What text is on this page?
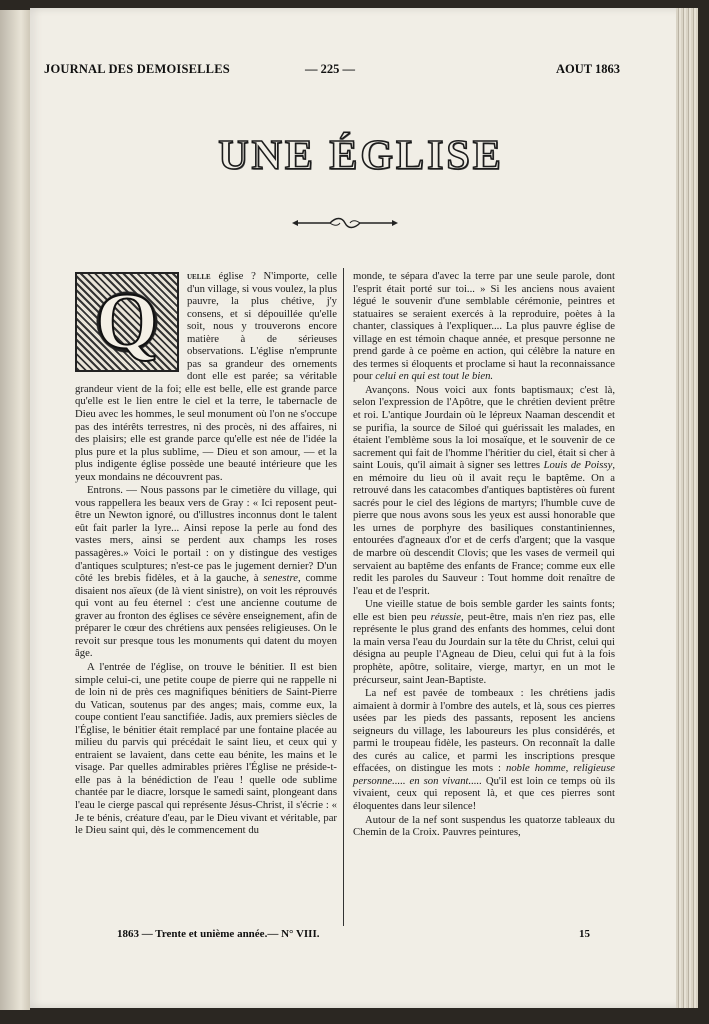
JOURNAL DES DEMOISELLES	— 225 —	AOUT 1863
UNE ÉGLISE

Q
uelle église ? N'importe, celle d'un village, si vous voulez, la plus pauvre, la plus chétive, j'y consens, et si dépouillée qu'elle soit, nous y trouverons encore matière à de sérieuses observations. L'église n'emprunte pas sa grandeur des ornements dont elle est parée; sa véritable grandeur vient de la foi; elle est belle, elle est grande parce qu'elle est le lien entre le ciel et la terre, le tabernacle de Dieu avec les hommes, le seul monument où l'on ne s'occupe pas des intérêts terrestres, ni des procès, ni des affaires, ni des plaisirs; elle est grande parce qu'elle est née de l'idée la plus pure et la plus sublime, — Dieu et son amour, — et la plus indigente église possède une beauté intérieure que les yeux mondains ne découvrent pas.

Entrons. — Nous passons par le cimetière du village, qui vous rappellera les beaux vers de Gray : « Ici reposent peut-être un Newton ignoré, ou d'illustres inconnus dont le talent eût fait parler la lyre... Ainsi repose la perle au fond des vastes mers, ainsi se perdent aux champs les roses passagères.» Voici le portail : on y distingue des vestiges d'antiques sculptures; n'est-ce pas le jugement dernier? D'un côté les brebis fidèles, et à la gauche, à senestre, comme disaient nos aïeux (de là vient sinistre), on voit les réprouvés qui vont au feu éternel : c'est une ancienne coutume de graver au fronton des églises ce sévère enseignement, afin de préparer le cœur des chrétiens aux pensées religieuses. On le revoit sur presque tous les monuments qui datent du moyen âge.

A l'entrée de l'église, on trouve le bénitier. Il est bien simple celui-ci, une petite coupe de pierre qui ne rappelle ni de loin ni de près ces magnifiques bénitiers de Saint-Pierre du Vatican, soutenus par des anges; mais, comme eux, la coupe contient l'eau sanctifiée. Jadis, aux premiers siècles de l'Église, le bénitier était remplacé par une fontaine placée au milieu du parvis qui précédait le saint lieu, et ceux qui y entraient se lavaient, dans cette eau bénite, les mains et le visage. Par quelles admirables prières l'Église ne préside-t-elle pas à la bénédiction de l'eau ! quelle ode sublime chantée par le diacre, lorsque le samedi saint, plongeant dans l'eau le cierge pascal qui représente Jésus-Christ, il s'écrie : « Je te bénis, créature d'eau, par le Dieu vivant et véritable, par le Dieu saint qui, dès le commencement du

monde, te sépara d'avec la terre par une seule parole, dont l'esprit était porté sur toi... » Si les anciens nous avaient légué le souvenir d'une semblable cérémonie, peintres et statuaires se seraient exercés à la reproduire, poètes à la chanter, classiques à l'expliquer.... La plus pauvre église de village en est témoin chaque année, et presque personne ne prend garde à ce poème en action, qui célèbre la nature en des termes si éloquents et proclame si haut la reconnaissance pour celui en qui est tout le bien.

Avançons. Nous voici aux fonts baptismaux; c'est là, selon l'expression de l'Apôtre, que le chrétien devient prêtre et roi. L'antique Jourdain où le lépreux Naaman descendit et se purifia, la source de Siloé qui guérissait les malades, en étaient l'emblème sous la loi mosaïque, et le souvenir de ce sacrement qui fait de l'homme l'héritier du ciel, était si cher à saint Louis, qu'il aimait à signer ses lettres Louis de Poissy, en mémoire du lieu où il avait reçu le baptême. On a retrouvé dans les catacombes d'antiques baptistères où furent sacrés pour le ciel des légions de martyrs; l'humble cuve de pierre que nous avons sous les yeux est aussi honorable que les urnes de porphyre des basiliques constantiniennes, entourées d'agneaux d'or et de cerfs d'argent; que la vasque de marbre où descendit Clovis; que les vases de vermeil qui servaient au baptême des enfants de France; comme eux elle redit les paroles du Sauveur : Tout homme doit renaître de l'eau et de l'esprit.

Une vieille statue de bois semble garder les saints fonts; elle est bien peu réussie, peut-être, mais n'en riez pas, elle représente le plus grand des enfants des hommes, celui dont la main versa l'eau du Jourdain sur la tête du Christ, celui qui désigna au peuple l'Agneau de Dieu, celui qui fut à la fois prophète, apôtre, solitaire, vierge, martyr, en un mot le précurseur, saint Jean-Baptiste.

La nef est pavée de tombeaux : les chrétiens jadis aimaient à dormir à l'ombre des autels, et là, sous ces pierres usées par les pieds des passants, reposent les anciens seigneurs du village, les laboureurs les plus considérés, et parmi le troupeau fidèle, les pasteurs. On reconnaît la dalle des curés au calice, et parmi les inscriptions presque effacées, on distingue les mots : noble homme, religieuse personne..... en son vivant..... Qu'il est loin ce temps où ils vivaient, ceux qui reposent là, et que ces pierres sont éloquentes dans leur silence!

Autour de la nef sont suspendus les quatorze tableaux du Chemin de la Croix. Pauvres peintures,

1863 — Trente et unième année.— N° VIII.	15
